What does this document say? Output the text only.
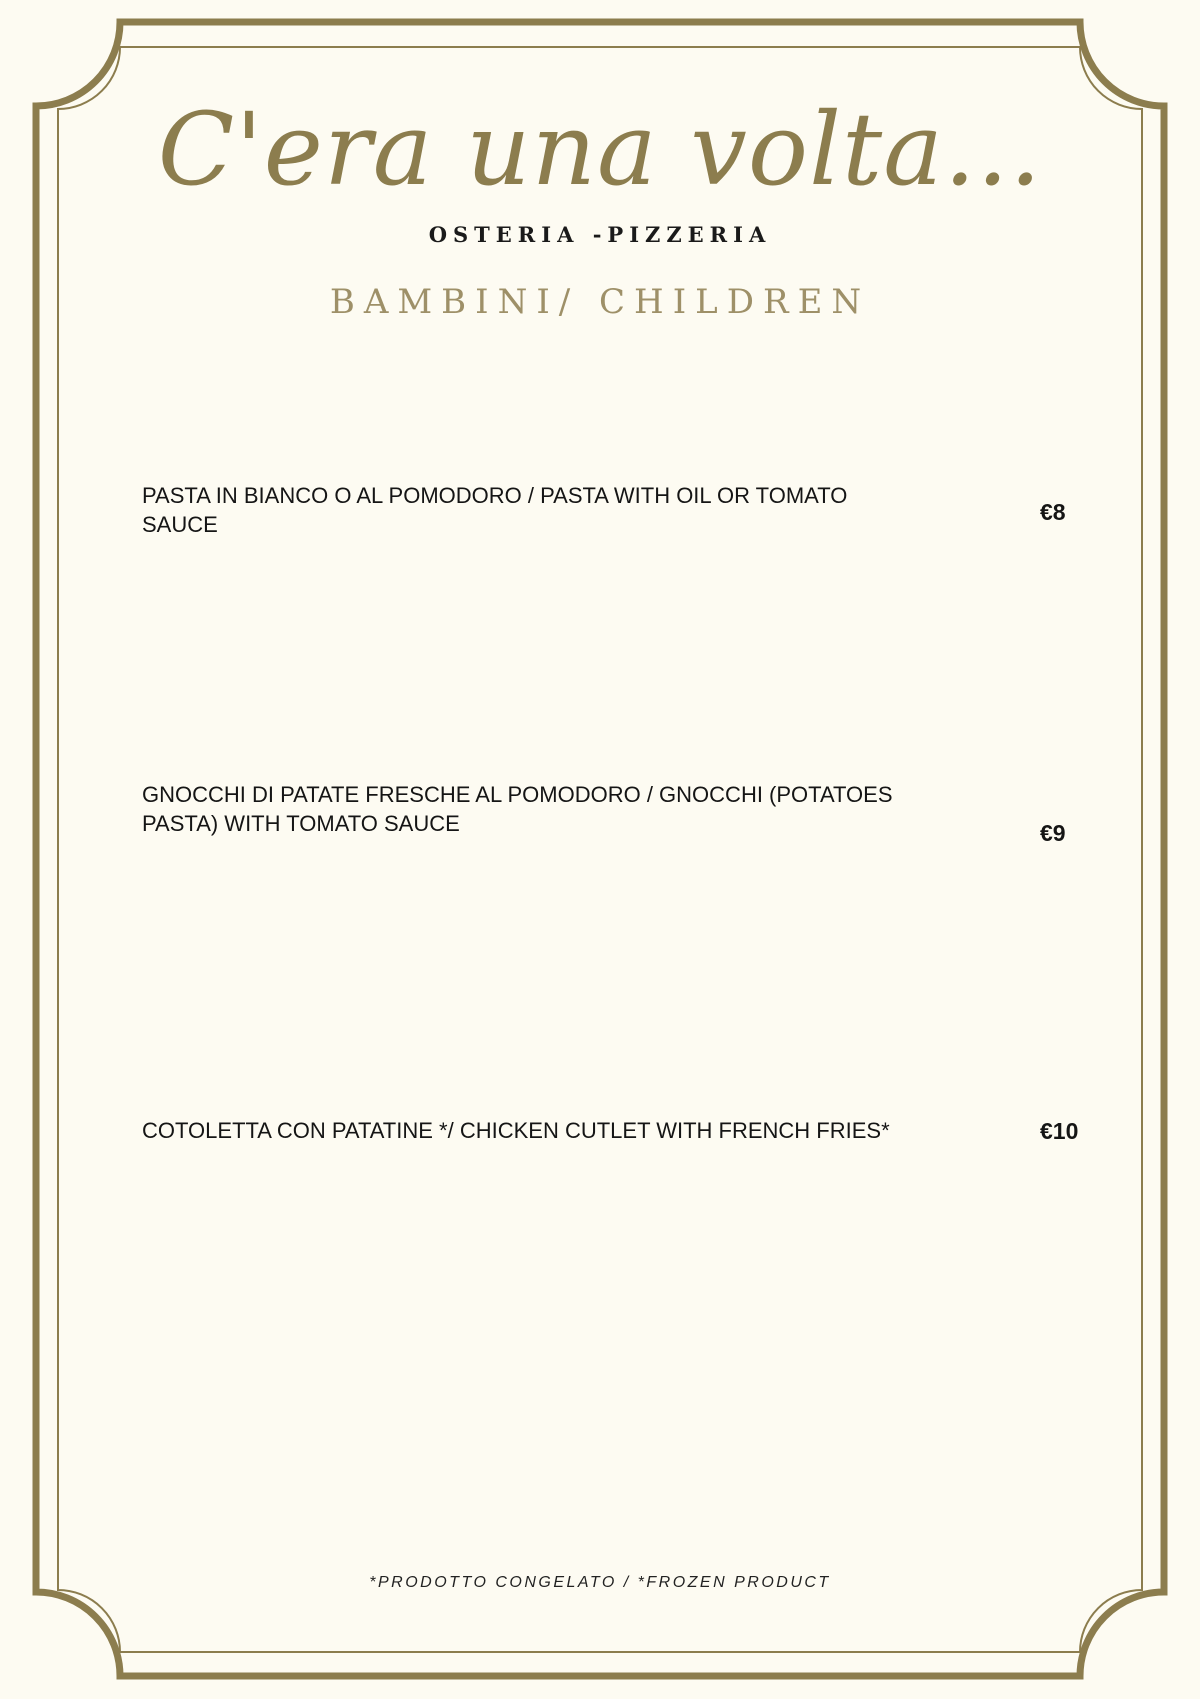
C'era una volta...
OSTERIA -PIZZERIA
BAMBINI/ CHILDREN
PASTA IN BIANCO O AL POMODORO / PASTA WITH OIL OR TOMATO SAUCE	€8
GNOCCHI DI PATATE FRESCHE AL POMODORO / GNOCCHI (POTATOES PASTA) WITH TOMATO SAUCE	€9
COTOLETTA CON PATATINE */ CHICKEN CUTLET WITH FRENCH FRIES*	€10
*PRODOTTO CONGELATO / *FROZEN PRODUCT
